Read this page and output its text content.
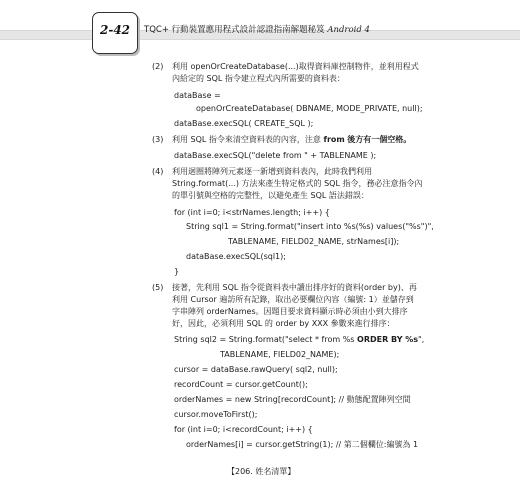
2-42	TQC+ 行動裝置應用程式設計認證指南解題秘笈 Android 4
(2) 利用 openOrCreateDatabase(...)取得資料庫控制物件，並利用程式
內給定的 SQL 指令建立程式內所需要的資料表：
dataBase =
openOrCreateDatabase( DBNAME, MODE_PRIVATE, null);
dataBase.execSQL( CREATE_SQL );
(3) 利用 SQL 指令來清空資料表的內容，注意 from 後方有一個空格。
dataBase.execSQL("delete from " + TABLENAME );
(4) 利用迴圈將陣列元素逐一新增到資料表內，此時我們利用
String.format(...) 方法來產生特定格式的 SQL 指令，務必注意指令內
的單引號與空格的完整性，以避免產生 SQL 語法錯誤：
for (int i=0; i<strNames.length; i++) {
String sql1 = String.format("insert into %s(%s) values("%s")",
TABLENAME, FIELD02_NAME, strNames[i]);
dataBase.execSQL(sql1);
}
(5) 接著，先利用 SQL 指令從資料表中讀出排序好的資料(order by)、再
利用 Cursor 遍訪所有記錄，取出必要欄位內容（編號: 1）並儲存到
字串陣列 orderNames。因題目要求資料顯示時必須由小到大排序
好，因此，必須利用 SQL 的 order by XXX 參數來進行排序：
String sql2 = String.format("select * from %s ORDER BY %s",
TABLENAME, FIELD02_NAME);
cursor = dataBase.rawQuery( sql2, null);
recordCount = cursor.getCount();
orderNames = new String[recordCount]; // 動態配置陣列空間
cursor.moveToFirst();
for (int i=0; i<recordCount; i++) {
orderNames[i] = cursor.getString(1); // 第二個欄位:編號為 1
【206. 姓名清單】
